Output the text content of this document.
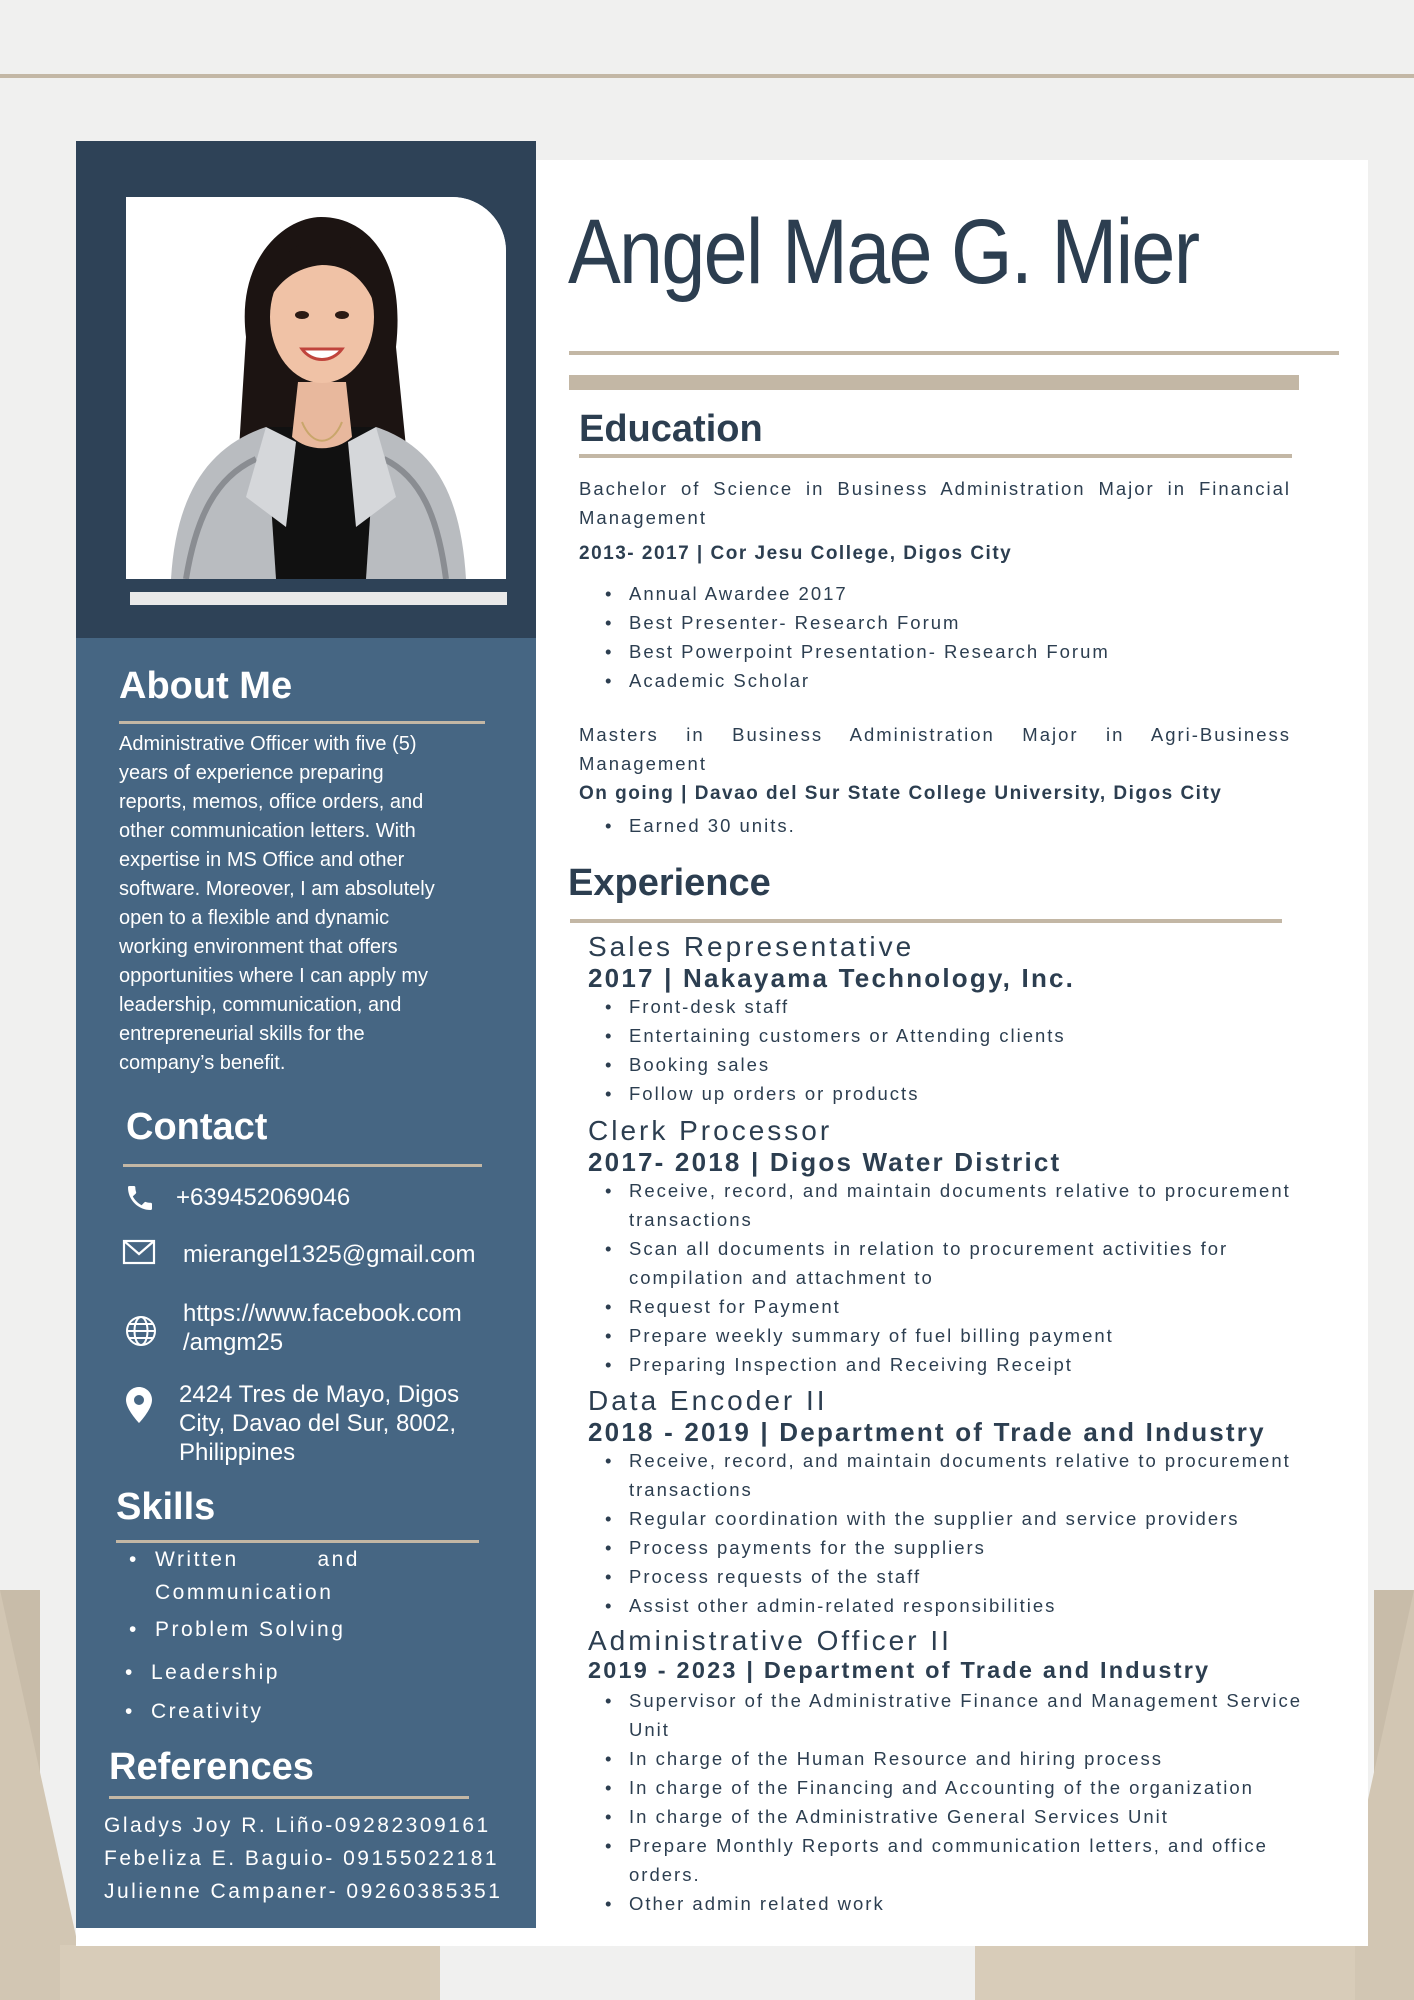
About Me
Administrative Officer with five (5)
years of experience preparing
reports, memos, office orders, and
other communication letters. With
expertise in MS Office and other
software. Moreover, I am absolutely
open to a flexible and dynamic
working environment that offers
opportunities where I can apply my
leadership, communication, and
entrepreneurial skills for the
company’s benefit.
Contact
+639452069046
mierangel1325@gmail.com
https://www.facebook.com
/amgm25
2424 Tres de Mayo, Digos
City, Davao del Sur, 8002,
Philippines
Skills
• Written	and
Communication
• Problem Solving
• Leadership
• Creativity
References
Gladys Joy R. Liño-09282309161
Febeliza E. Baguio- 09155022181
Julienne Campaner- 09260385351
Angel Mae G. Mier
Education
Bachelor of Science in Business Administration Major in Financial Management
2013- 2017 | Cor Jesu College, Digos City
• Annual Awardee 2017
• Best Presenter- Research Forum
• Best Powerpoint Presentation- Research Forum
• Academic Scholar
Masters in Business Administration Major in Agri-Business Management
On going | Davao del Sur State College University, Digos City
• Earned 30 units.
Experience
Sales Representative
2017 | Nakayama Technology, Inc.
• Front-desk staff
• Entertaining customers or Attending clients
• Booking sales
• Follow up orders or products
Clerk Processor
2017- 2018 | Digos Water District
• Receive, record, and maintain documents relative to procurement transactions
• Scan all documents in relation to procurement activities for compilation and attachment to
• Request for Payment
• Prepare weekly summary of fuel billing payment
• Preparing Inspection and Receiving Receipt
Data Encoder II
2018 - 2019 | Department of Trade and Industry
• Receive, record, and maintain documents relative to procurement transactions
• Regular coordination with the supplier and service providers
• Process payments for the suppliers
• Process requests of the staff
• Assist other admin-related responsibilities
Administrative Officer II
2019 - 2023 | Department of Trade and Industry
• Supervisor of the Administrative Finance and Management Service Unit
• In charge of the Human Resource and hiring process
• In charge of the Financing and Accounting of the organization
• In charge of the Administrative General Services Unit
• Prepare Monthly Reports and communication letters, and office orders.
• Other admin related work
